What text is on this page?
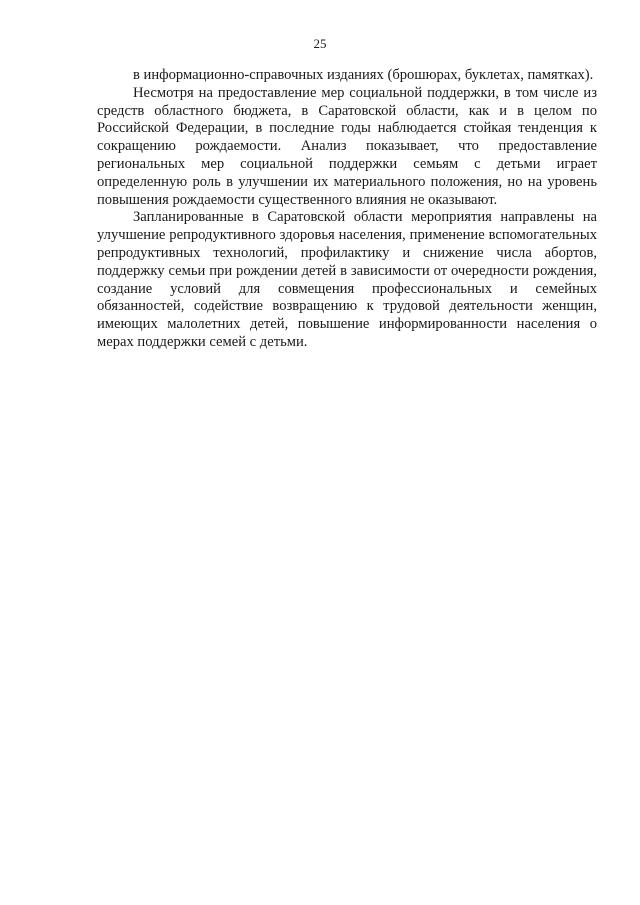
25

в информационно-справочных изданиях (брошюрах, буклетах, памятках).

Несмотря на предоставление мер социальной поддержки, в том числе из средств областного бюджета, в Саратовской области, как и в целом по Российской Федерации, в последние годы наблюдается стойкая тенденция к сокращению рождаемости. Анализ показывает, что предоставление региональных мер социальной поддержки семьям с детьми играет определенную роль в улучшении их материального положения, но на уровень повышения рождаемости существенного влияния не оказывают.

Запланированные в Саратовской области мероприятия направлены на улучшение репродуктивного здоровья населения, применение вспомогательных репродуктивных технологий, профилактику и снижение числа абортов, поддержку семьи при рождении детей в зависимости от очередности рождения, создание условий для совмещения профессиональных и семейных обязанностей, содействие возвращению к трудовой деятельности женщин, имеющих малолетних детей, повышение информированности населения о мерах поддержки семей с детьми.
